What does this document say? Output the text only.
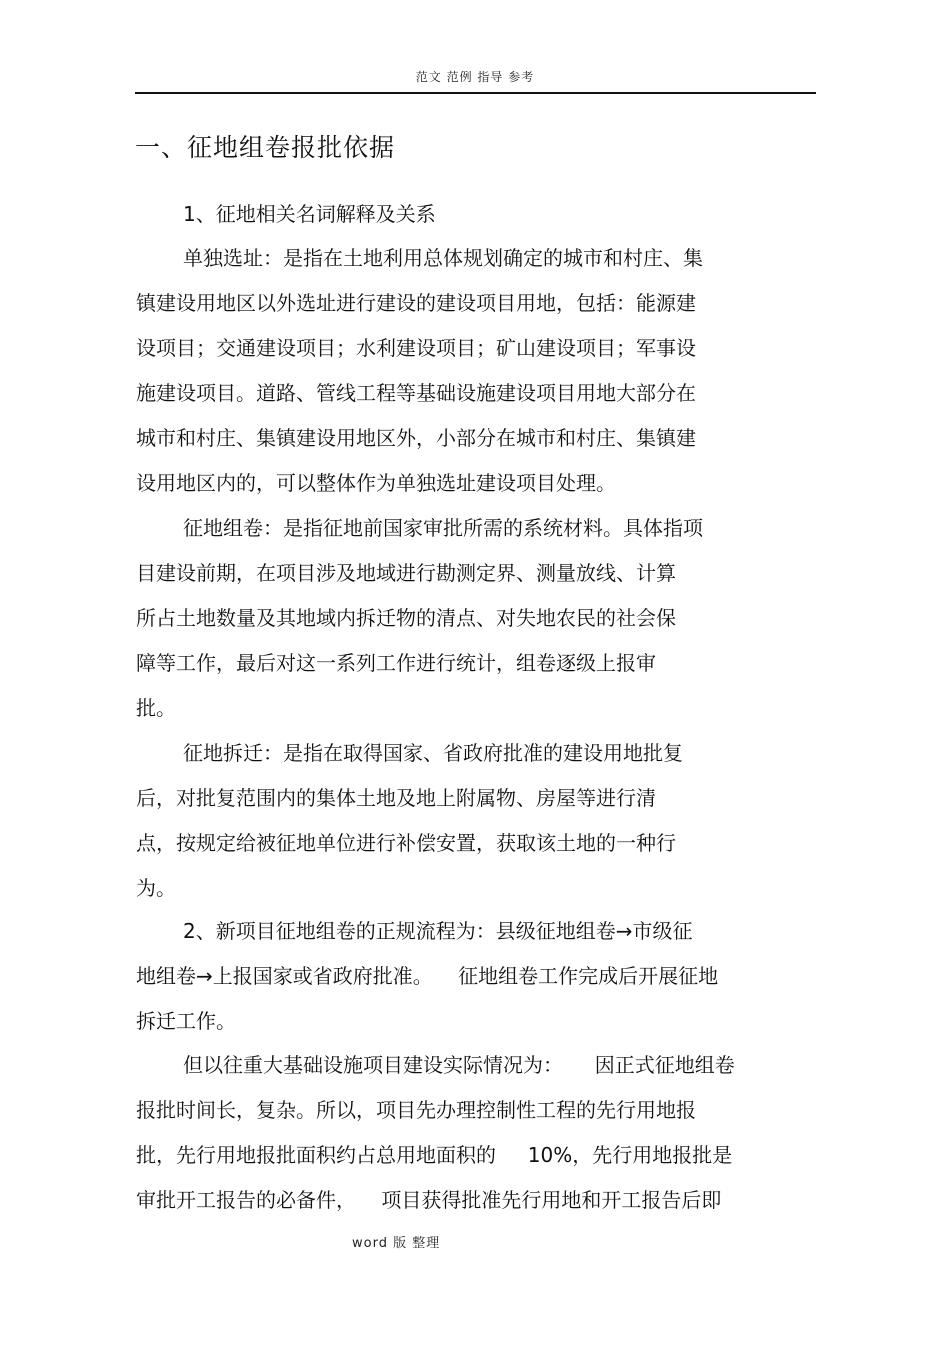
范文 范例 指导 参考
一、征地组卷报批依据
1、征地相关名词解释及关系
单独选址：是指在土地利用总体规划确定的城市和村庄、集
镇建设用地区以外选址进行建设的建设项目用地，包括：能源建
设项目；交通建设项目；水利建设项目；矿山建设项目；军事设
施建设项目。道路、管线工程等基础设施建设项目用地大部分在
城市和村庄、集镇建设用地区外，小部分在城市和村庄、集镇建
设用地区内的，可以整体作为单独选址建设项目处理。
征地组卷：是指征地前国家审批所需的系统材料。具体指项
目建设前期，在项目涉及地域进行勘测定界、测量放线、计算
所占土地数量及其地域内拆迁物的清点、对失地农民的社会保
障等工作，最后对这一系列工作进行统计，组卷逐级上报审
批。
征地拆迁：是指在取得国家、省政府批准的建设用地批复
后，对批复范围内的集体土地及地上附属物、房屋等进行清
点，按规定给被征地单位进行补偿安置，获取该土地的一种行
为。
2、新项目征地组卷的正规流程为：县级征地组卷→市级征
地组卷→上报国家或省政府批准。    征地组卷工作完成后开展征地
拆迁工作。
但以往重大基础设施项目建设实际情况为：     因正式征地组卷
报批时间长，复杂。所以，项目先办理控制性工程的先行用地报
批，先行用地报批面积约占总用地面积的     10%，先行用地报批是
审批开工报告的必备件，    项目获得批准先行用地和开工报告后即
word 版 整理
